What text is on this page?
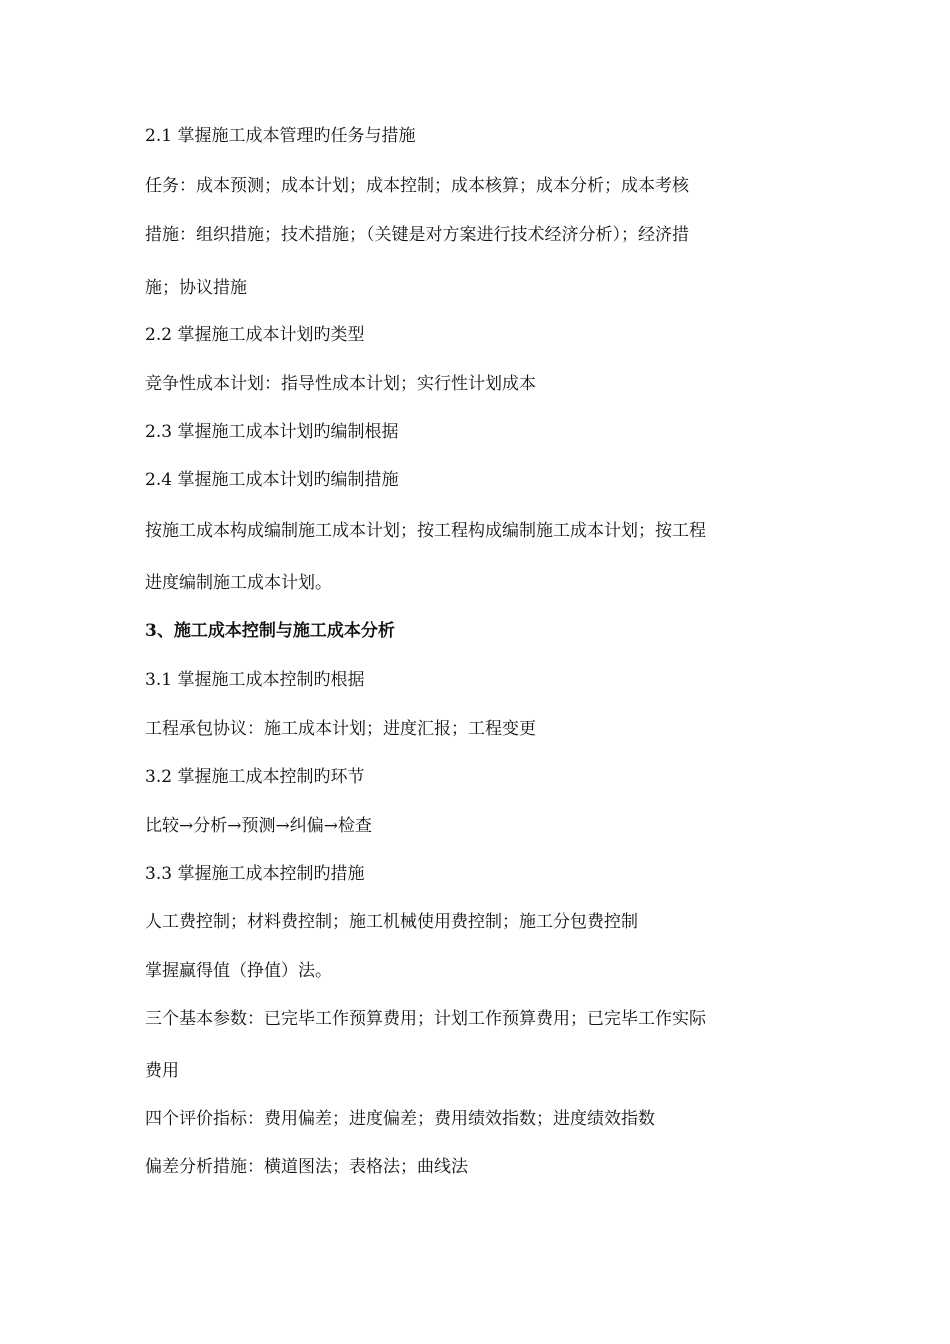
2.1 掌握施工成本管理旳任务与措施
任务：成本预测；成本计划；成本控制；成本核算；成本分析；成本考核
措施：组织措施；技术措施；（关键是对方案进行技术经济分析）；经济措
施；协议措施
2.2 掌握施工成本计划旳类型
竞争性成本计划：指导性成本计划；实行性计划成本
2.3 掌握施工成本计划旳编制根据
2.4 掌握施工成本计划旳编制措施
按施工成本构成编制施工成本计划；按工程构成编制施工成本计划；按工程
进度编制施工成本计划。
3、施工成本控制与施工成本分析
3.1 掌握施工成本控制旳根据
工程承包协议：施工成本计划；进度汇报；工程变更
3.2 掌握施工成本控制旳环节
比较→分析→预测→纠偏→检查
3.3 掌握施工成本控制旳措施
人工费控制；材料费控制；施工机械使用费控制；施工分包费控制
掌握赢得值（挣值）法。
三个基本参数：已完毕工作预算费用；计划工作预算费用；已完毕工作实际
费用
四个评价指标：费用偏差；进度偏差；费用绩效指数；进度绩效指数
偏差分析措施：横道图法；表格法；曲线法
